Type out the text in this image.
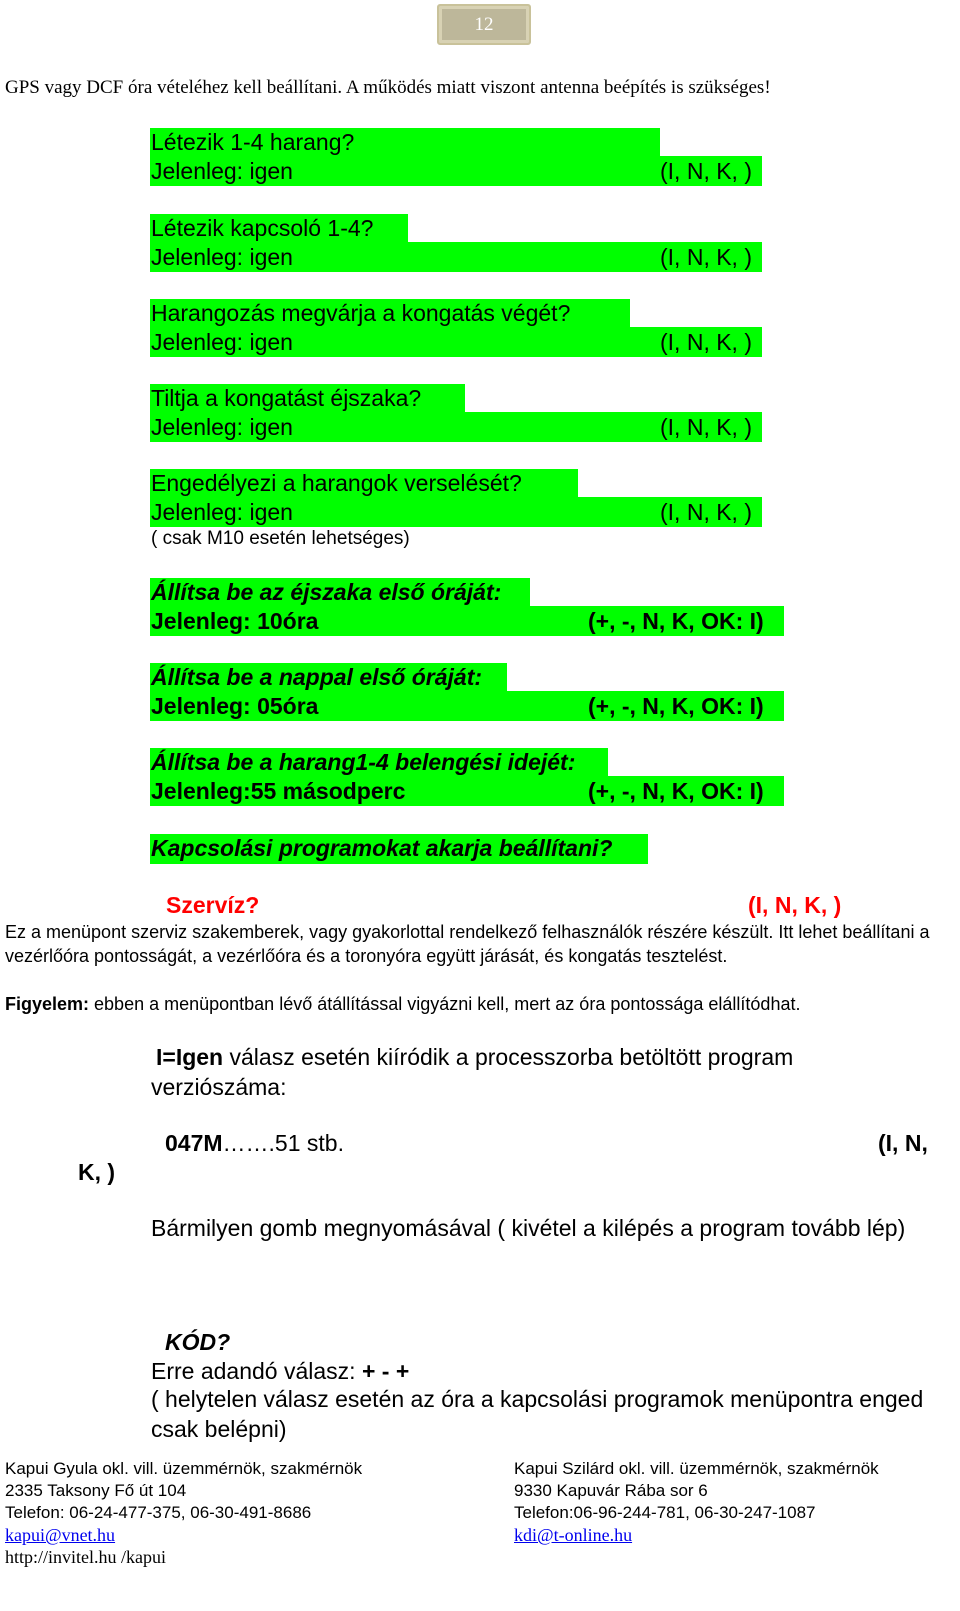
12
GPS vagy DCF óra vételéhez kell beállítani. A működés miatt viszont antenna beépítés is szükséges!
Létezik 1-4 harang?
Jelenleg: igen	(I, N, K, )
Létezik kapcsoló 1-4?
Jelenleg: igen	(I, N, K, )
Harangozás megvárja a kongatás végét?
Jelenleg: igen	(I, N, K, )
Tiltja a kongatást éjszaka?
Jelenleg: igen	(I, N, K, )
Engedélyezi a harangok verselését?
Jelenleg: igen	(I, N, K, )
( csak M10 esetén lehetséges)
Állítsa be az éjszaka első óráját:
Jelenleg: 10óra	(+, -, N, K, OK: I)
Állítsa be a nappal első óráját:
Jelenleg: 05óra	(+, -, N, K, OK: I)
Állítsa be a harang1-4 belengési idejét:
Jelenleg:55 másodperc	(+, -, N, K, OK: I)
Kapcsolási programokat akarja beállítani?
Szervíz?	(I, N, K, )
Ez a menüpont szerviz szakemberek, vagy gyakorlottal rendelkező felhasználók részére készült. Itt lehet beállítani a vezérlőóra pontosságát, a vezérlőóra és a toronyóra együtt járását, és kongatás tesztelést.
Figyelem: ebben a menüpontban lévő átállítással vigyázni kell, mert az óra pontossága elállítódhat.
I=Igen válasz esetén kiíródik a processzorba betöltött program verziószáma:
047M…….51 stb.	(I, N,
K, )
Bármilyen gomb megnyomásával ( kivétel a kilépés a program tovább lép)
KÓD?
Erre adandó válasz: + - +
( helytelen válasz esetén az óra a kapcsolási programok menüpontra enged csak belépni)
Kapui Gyula okl. vill. üzemmérnök, szakmérnök
2335 Taksony Fő út 104
Telefon: 06-24-477-375, 06-30-491-8686
kapui@vnet.hu
http://invitel.hu /kapui
Kapui Szilárd okl. vill. üzemmérnök, szakmérnök
9330 Kapuvár Rába sor 6
Telefon:06-96-244-781, 06-30-247-1087
kdi@t-online.hu
